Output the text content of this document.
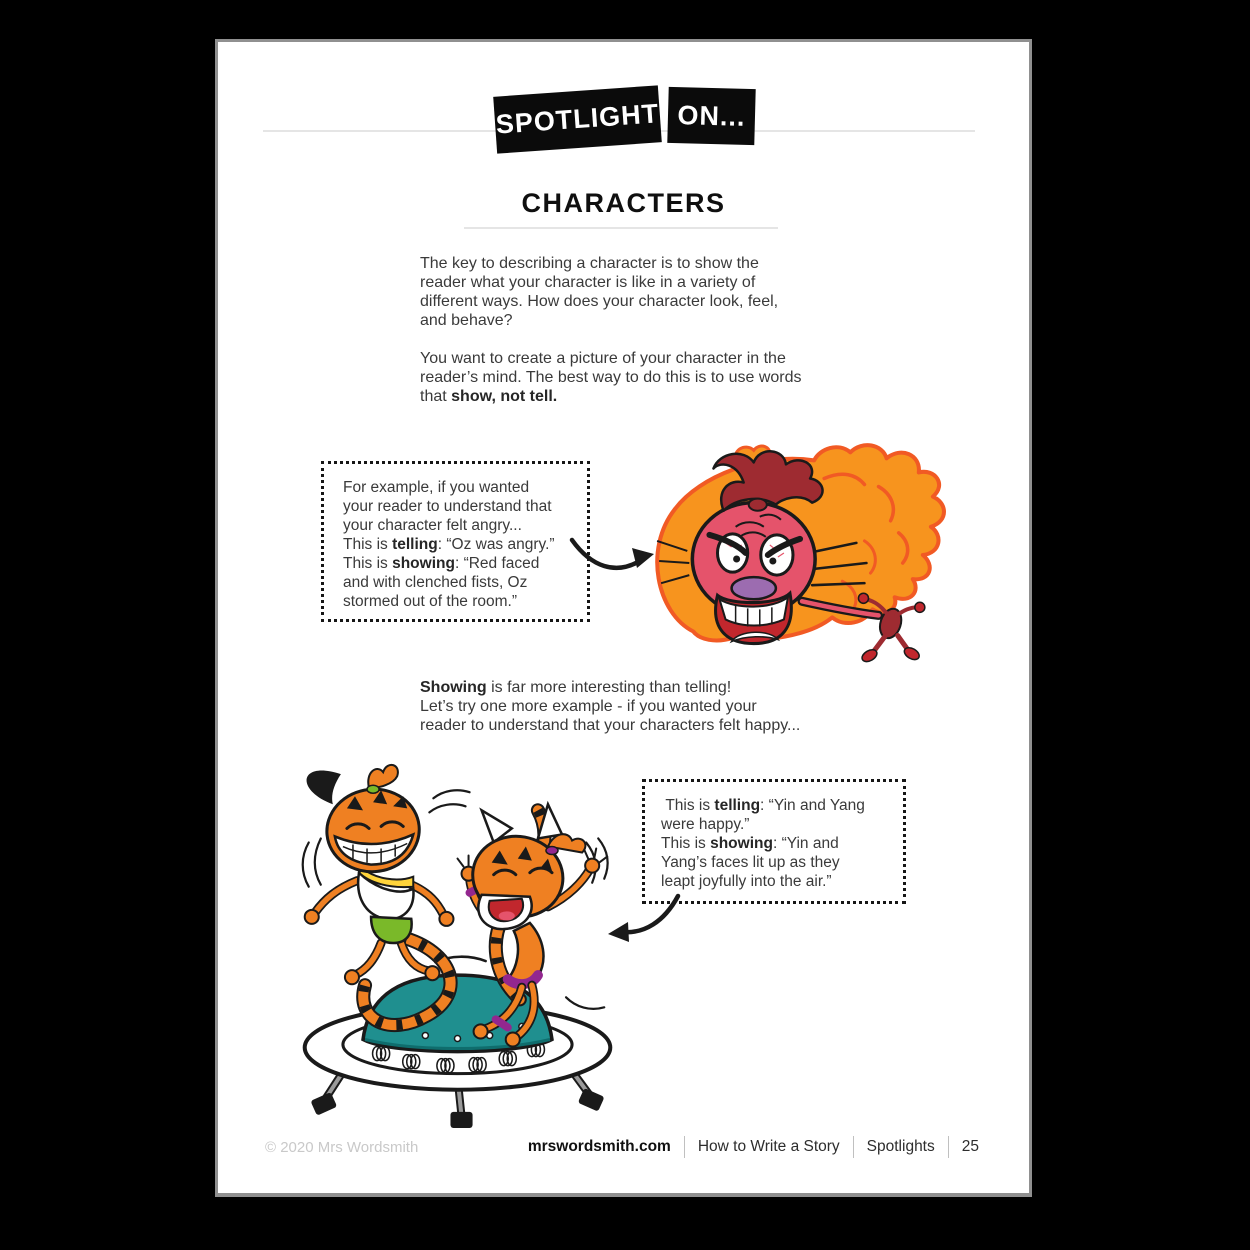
SPOTLIGHT ON...
CHARACTERS
The key to describing a character is to show the
reader what your character is like in a variety of
different ways. How does your character look, feel,
and behave?
You want to create a picture of your character in the
reader’s mind. The best way to do this is to use words
that show, not tell.
For example, if you wanted
your reader to understand that
your character felt angry...
This is telling: “Oz was angry.”
This is showing: “Red faced
and with clenched fists, Oz
stormed out of the room.”
Showing is far more interesting than telling!
Let’s try one more example - if you wanted your
reader to understand that your characters felt happy...
This is telling: “Yin and Yang
were happy.”
This is showing: “Yin and
Yang’s faces lit up as they
leapt joyfully into the air.”
© 2020 Mrs Wordsmith	mrswordsmith.com How to Write a Story Spotlights 25
